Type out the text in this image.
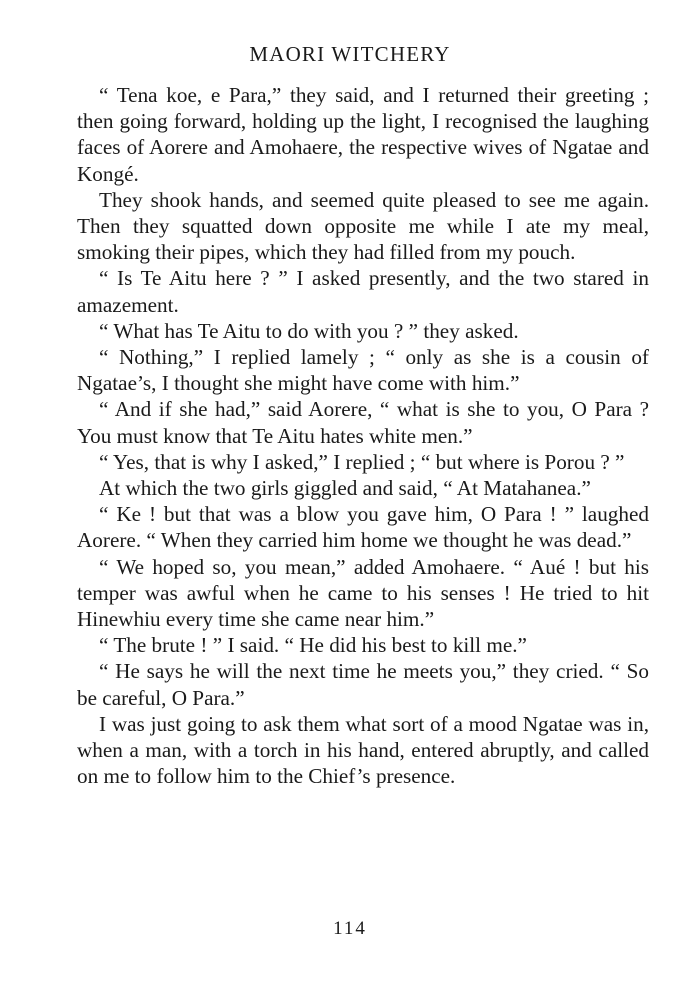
MAORI WITCHERY

“ Tena koe, e Para,” they said, and I returned their greeting ; then going forward, holding up the light, I recognised the laughing faces of Aorere and Amohaere, the respective wives of Ngatae and Kongé.

They shook hands, and seemed quite pleased to see me again. Then they squatted down opposite me while I ate my meal, smoking their pipes, which they had filled from my pouch.

“ Is Te Aitu here ? ” I asked presently, and the two stared in amazement.

“ What has Te Aitu to do with you ? ” they asked.

“ Nothing,” I replied lamely ; “ only as she is a cousin of Ngatae’s, I thought she might have come with him.”

“ And if she had,” said Aorere, “ what is she to you, O Para ? You must know that Te Aitu hates white men.”

“ Yes, that is why I asked,” I replied ; “ but where is Porou ? ”

At which the two girls giggled and said, “ At Matahanea.”

“ Ke ! but that was a blow you gave him, O Para ! ” laughed Aorere. “ When they carried him home we thought he was dead.”

“ We hoped so, you mean,” added Amohaere. “ Aué ! but his temper was awful when he came to his senses ! He tried to hit Hinewhiu every time she came near him.”

“ The brute ! ” I said. “ He did his best to kill me.”

“ He says he will the next time he meets you,” they cried. “ So be careful, O Para.”

I was just going to ask them what sort of a mood Ngatae was in, when a man, with a torch in his hand, entered abruptly, and called on me to follow him to the Chief’s presence.

114
